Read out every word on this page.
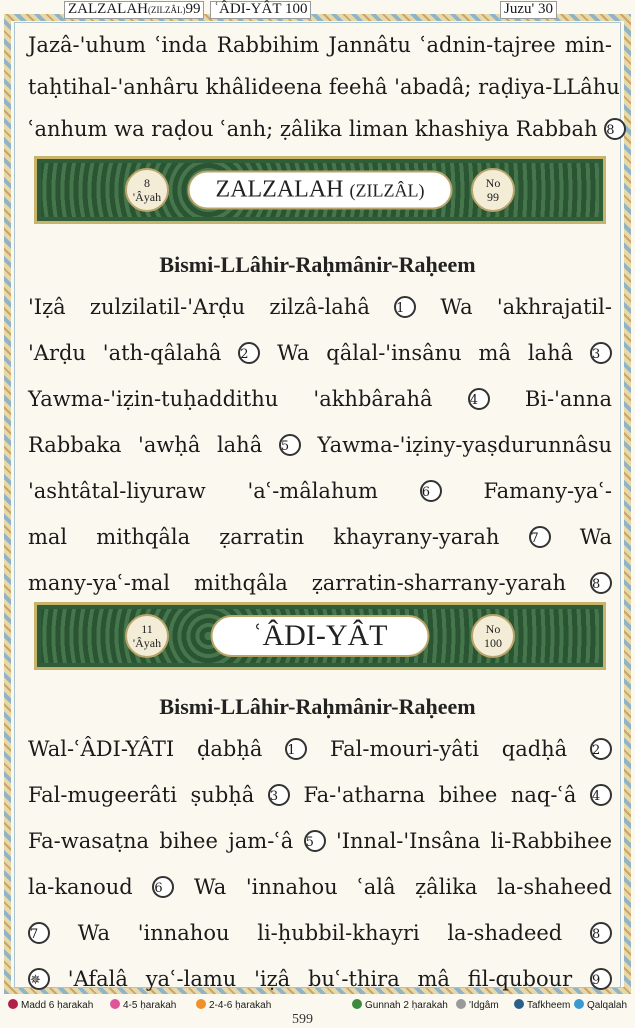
ZALZALAH(ZILZÂL)99 ʿÂDI-YÂT 100	Juzu' 30
Jazâ-'uhum ʿinda Rabbihim Jannâtu ʿadnin-tajree min-
taḥtihal-'anhâru khâlideena feehâ 'abadâ; raḍiya-LLâhu
ʿanhum wa raḍou ʿanh; ẓâlika liman khashiya Rabbah 8
8
'Âyah	ZALZALAH (ZILZÂL)	No
99
Bismi-LLâhir-Raḥmânir-Raḥeem
'Iẓâ zulzilatil-'Arḍu zilzâ-lahâ 1 Wa 'akhrajatil-
'Arḍu 'ath-qâlahâ 2 Wa qâlal-'insânu mâ lahâ 3
Yawma-'iẓin-tuḥaddithu 'akhbârahâ	4 Bi-'anna
Rabbaka 'awḥâ lahâ 5 Yawma-'iẓiny-yaṣdurunnâsu
'ashtâtal-liyuraw 'aʿ-mâlahum	6	Famany-yaʿ-
mal mithqâla ẓarratin khayrany-yarah 7 Wa
many-yaʿ-mal mithqâla ẓarratin-sharrany-yarah 8
11
'Âyah	ʿÂDI-YÂT	No
100
Bismi-LLâhir-Raḥmânir-Raḥeem
Wal-ʿÂDI-YÂTI ḍabḥâ 1 Fal-mouri-yâti qadḥâ 2
Fal-mugeerâti ṣubḥâ 3 Fa-'atharna bihee naq-ʿâ 4
Fa-wasaṭna bihee jam-ʿâ 5 'Innal-'Insâna li-Rabbihee
la-kanoud 6 Wa 'innahou ʿalâ ẓâlika la-shaheed
7 Wa 'innahou li-ḥubbil-khayri la-shadeed 8
✵ 'Afalâ yaʿ-lamu 'iẓâ buʿ-thira mâ fil-qubour 9
Madd 6 ḥarakah	4-5 ḥarakah	2-4-6 ḥarakah	Gunnah 2 ḥarakah	'Idgâm	Tafkheem	Qalqalah
599
